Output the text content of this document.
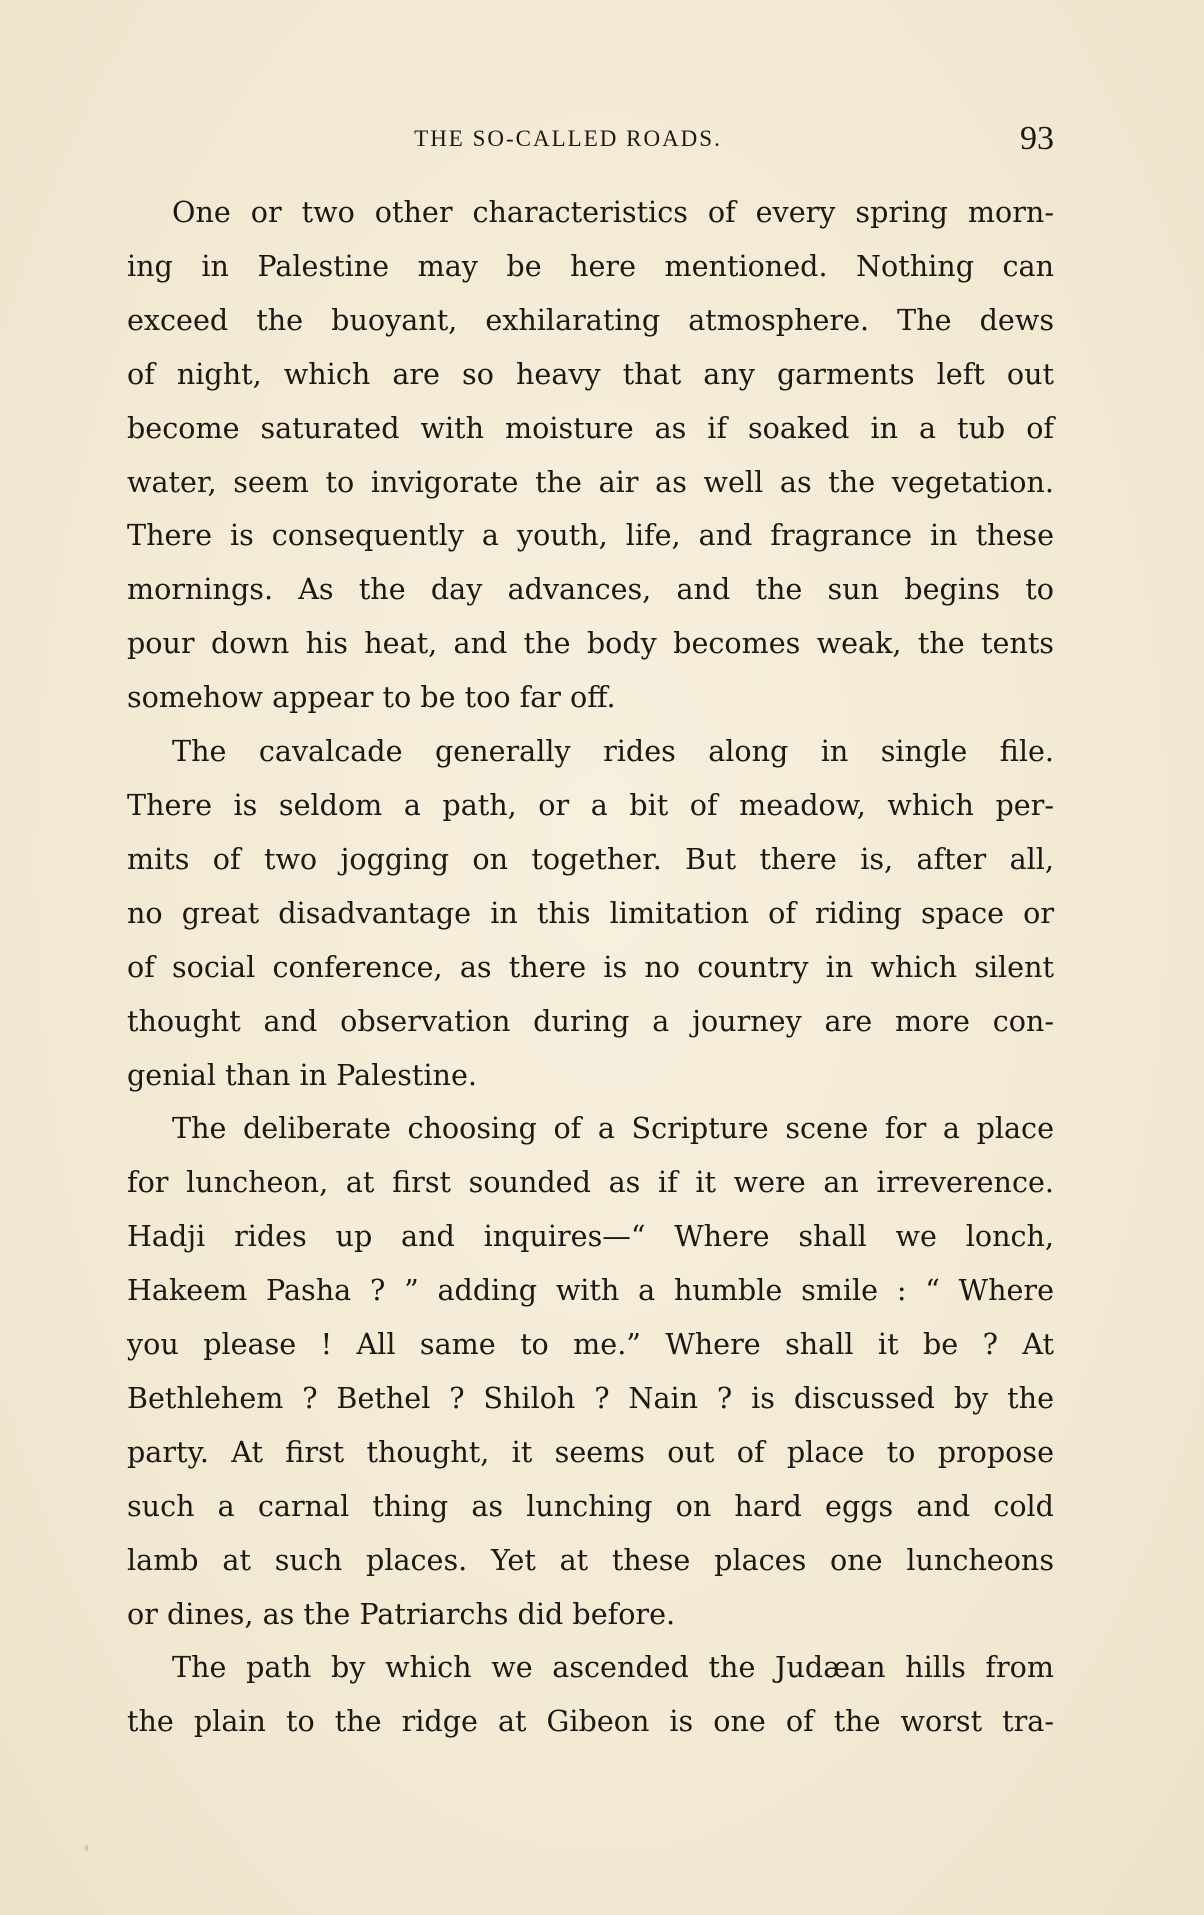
THE SO-CALLED ROADS.	93

One or two other characteristics of every spring morn-
ing in Palestine may be here mentioned. Nothing can
exceed the buoyant, exhilarating atmosphere. The dews
of night, which are so heavy that any garments left out
become saturated with moisture as if soaked in a tub of
water, seem to invigorate the air as well as the vegetation.
There is consequently a youth, life, and fragrance in these
mornings. As the day advances, and the sun begins to
pour down his heat, and the body becomes weak, the tents
somehow appear to be too far off.

The cavalcade generally rides along in single file.
There is seldom a path, or a bit of meadow, which per-
mits of two jogging on together. But there is, after all,
no great disadvantage in this limitation of riding space or
of social conference, as there is no country in which silent
thought and observation during a journey are more con-
genial than in Palestine.

The deliberate choosing of a Scripture scene for a place
for luncheon, at first sounded as if it were an irreverence.
Hadji rides up and inquires—“ Where shall we lonch,
Hakeem Pasha ? ” adding with a humble smile : “ Where
you please ! All same to me.” Where shall it be ? At
Bethlehem ? Bethel ? Shiloh ? Nain ? is discussed by the
party. At first thought, it seems out of place to propose
such a carnal thing as lunching on hard eggs and cold
lamb at such places. Yet at these places one luncheons
or dines, as the Patriarchs did before.

The path by which we ascended the Judæan hills from
the plain to the ridge at Gibeon is one of the worst tra-
